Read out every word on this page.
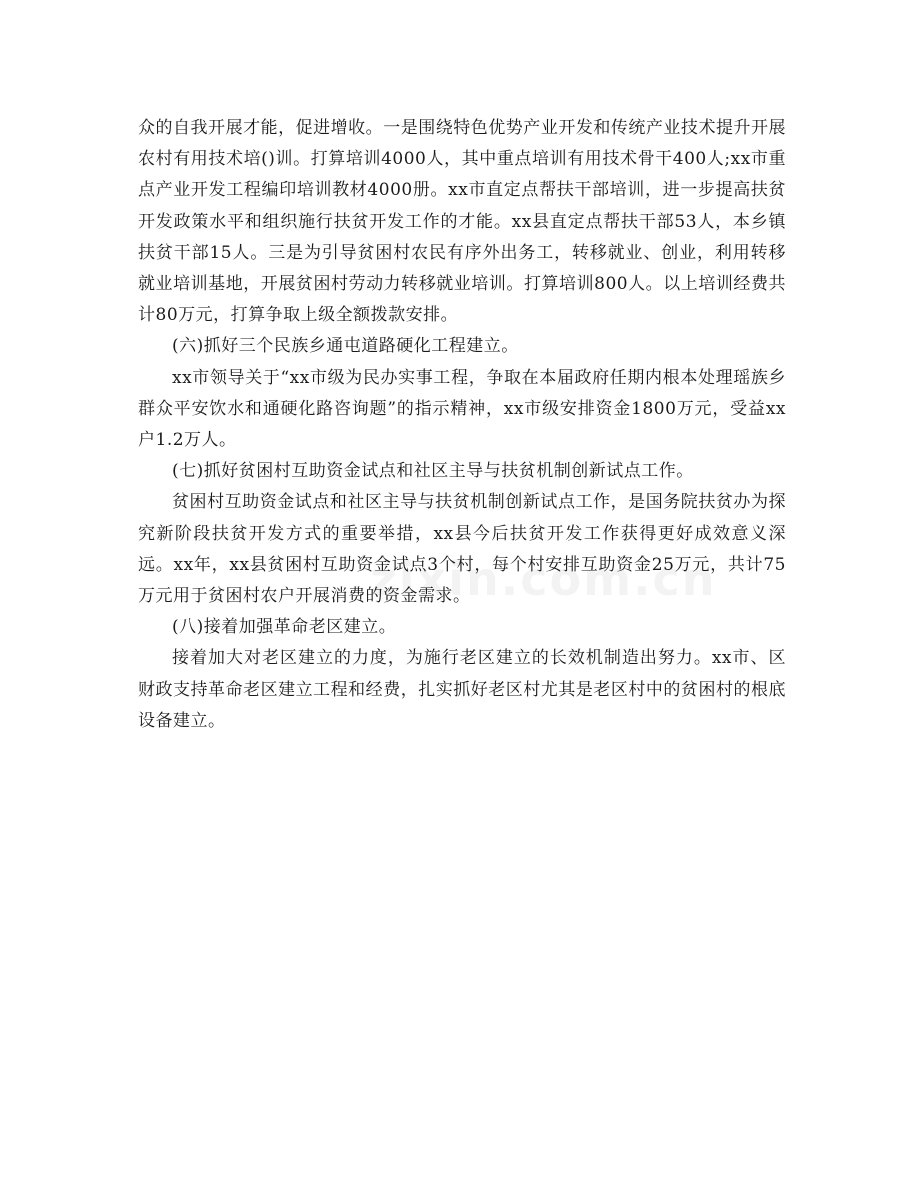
众的自我开展才能，促进增收。一是围绕特色优势产业开发和传统产业技术提升开展农村有用技术培()训。打算培训4000人，其中重点培训有用技术骨干400人;xx市重点产业开发工程编印培训教材4000册。xx市直定点帮扶干部培训，进一步提高扶贫开发政策水平和组织施行扶贫开发工作的才能。xx县直定点帮扶干部53人，本乡镇扶贫干部15人。三是为引导贫困村农民有序外出务工，转移就业、创业，利用转移就业培训基地，开展贫困村劳动力转移就业培训。打算培训800人。以上培训经费共计80万元，打算争取上级全额拨款安排。

(六)抓好三个民族乡通屯道路硬化工程建立。

xx市领导关于“xx市级为民办实事工程，争取在本届政府任期内根本处理瑶族乡群众平安饮水和通硬化路咨询题”的指示精神，xx市级安排资金1800万元，受益xx户1.2万人。

(七)抓好贫困村互助资金试点和社区主导与扶贫机制创新试点工作。

贫困村互助资金试点和社区主导与扶贫机制创新试点工作，是国务院扶贫办为探究新阶段扶贫开发方式的重要举措，xx县今后扶贫开发工作获得更好成效意义深远。xx年，xx县贫困村互助资金试点3个村，每个村安排互助资金25万元，共计75万元用于贫困村农户开展消费的资金需求。

(八)接着加强革命老区建立。

接着加大对老区建立的力度，为施行老区建立的长效机制造出努力。xx市、区财政支持革命老区建立工程和经费，扎实抓好老区村尤其是老区村中的贫困村的根底设备建立。
